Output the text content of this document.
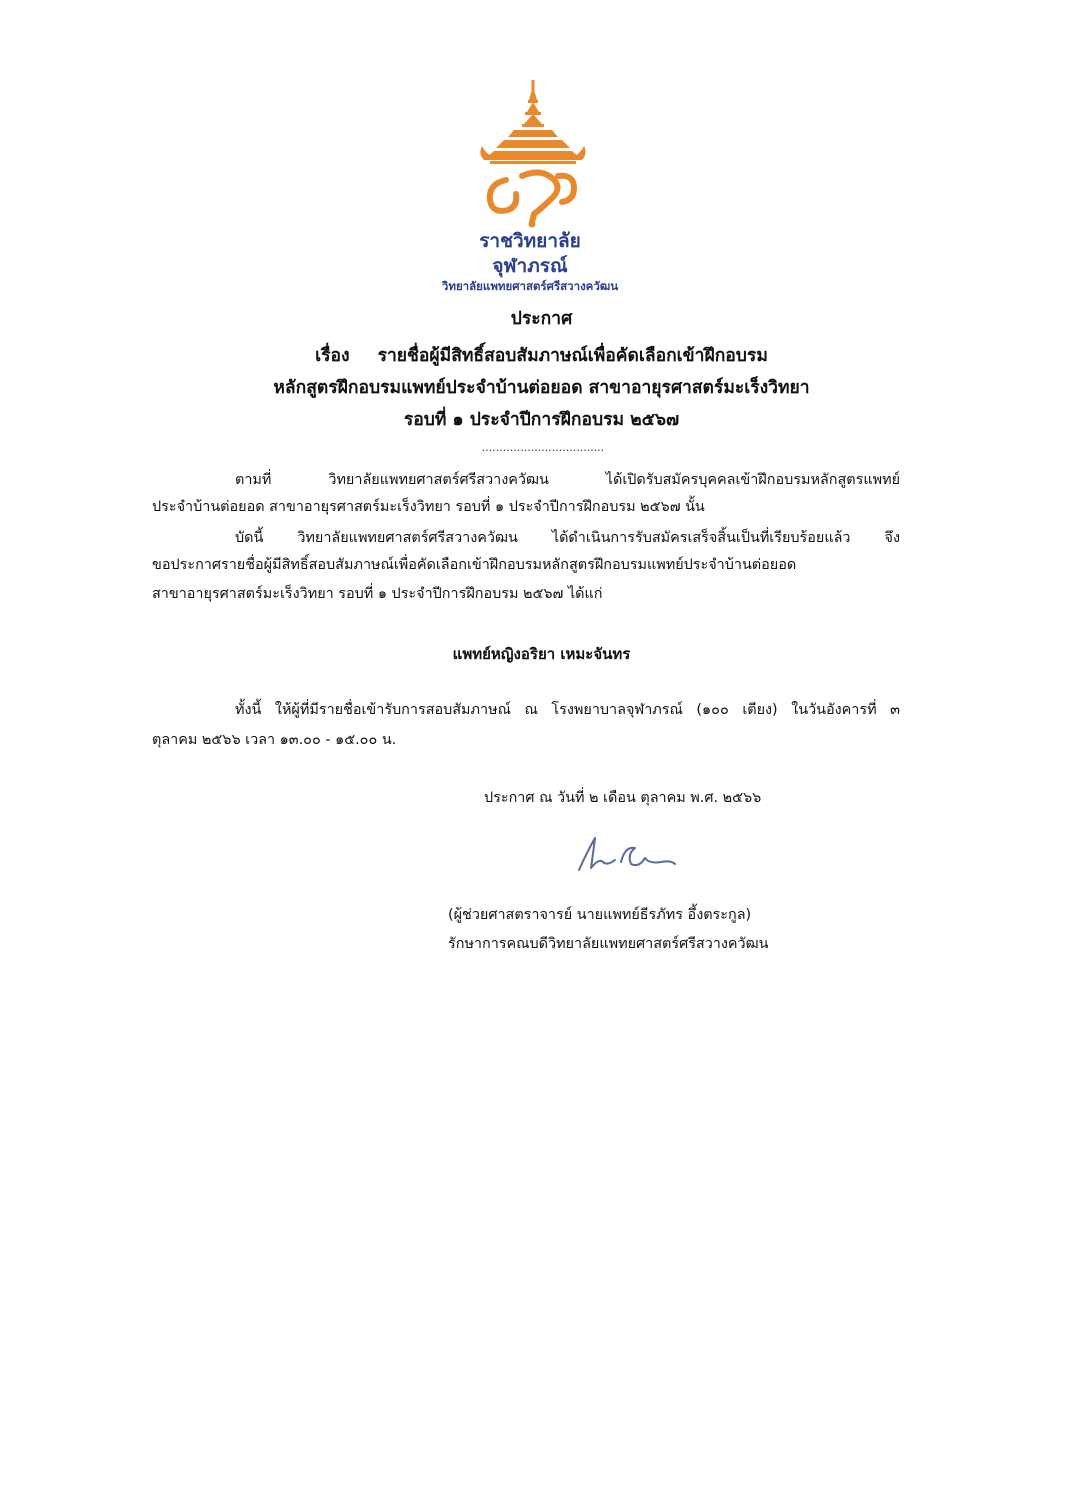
ราชวิทยาลัย
จุฬาภรณ์
วิทยาลัยแพทยศาสตร์ศรีสวางควัฒน
ประกาศ
เรื่อง รายชื่อผู้มีสิทธิ์สอบสัมภาษณ์เพื่อคัดเลือกเข้าฝึกอบรม
หลักสูตรฝึกอบรมแพทย์ประจำบ้านต่อยอด สาขาอายุรศาสตร์มะเร็งวิทยา
รอบที่ ๑ ประจำปีการฝึกอบรม ๒๕๖๗
...................................
ตามที่ วิทยาลัยแพทยศาสตร์ศรีสวางควัฒน ได้เปิดรับสมัครบุคคลเข้าฝึกอบรมหลักสูตรแพทย์
ประจำบ้านต่อยอด สาขาอายุรศาสตร์มะเร็งวิทยา รอบที่ ๑ ประจำปีการฝึกอบรม ๒๕๖๗ นั้น
บัดนี้ วิทยาลัยแพทยศาสตร์ศรีสวางควัฒน ได้ดำเนินการรับสมัครเสร็จสิ้นเป็นที่เรียบร้อยแล้ว จึง
ขอประกาศรายชื่อผู้มีสิทธิ์สอบสัมภาษณ์เพื่อคัดเลือกเข้าฝึกอบรมหลักสูตรฝึกอบรมแพทย์ประจำบ้านต่อยอด
สาขาอายุรศาสตร์มะเร็งวิทยา รอบที่ ๑ ประจำปีการฝึกอบรม ๒๕๖๗ ได้แก่
แพทย์หญิงอริยา เหมะจันทร
ทั้งนี้ ให้ผู้ที่มีรายชื่อเข้ารับการสอบสัมภาษณ์ ณ โรงพยาบาลจุฬาภรณ์ (๑๐๐ เตียง) ในวันอังคารที่ ๓
ตุลาคม ๒๕๖๖ เวลา ๑๓.๐๐ - ๑๕.๐๐ น.
ประกาศ ณ วันที่ ๒ เดือน ตุลาคม พ.ศ. ๒๕๖๖
(ผู้ช่วยศาสตราจารย์ นายแพทย์ธีรภัทร อึ้งตระกูล)
รักษาการคณบดีวิทยาลัยแพทยศาสตร์ศรีสวางควัฒน
